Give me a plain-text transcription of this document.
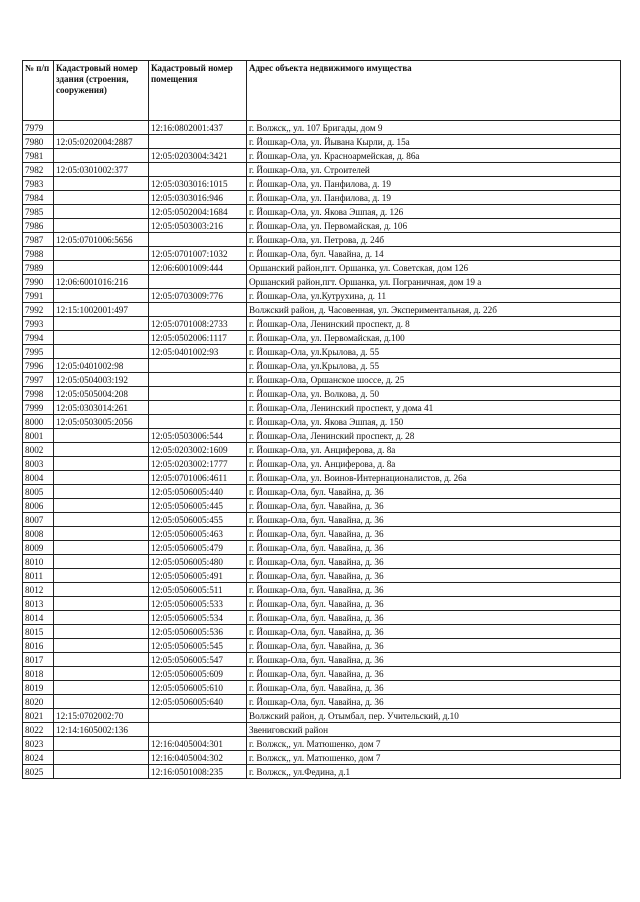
№ п/п	Кадастровый номер здания (строения, сооружения)	Кадастровый номер помещения	Адрес объекта недвижимого имущества
7979		12:16:0802001:437	г. Волжск,, ул. 107 Бригады, дом 9
7980	12:05:0202004:2887		г. Йошкар-Ола, ул. Йывана Кырли, д. 15а
7981		12:05:0203004:3421	г. Йошкар-Ола, ул. Красноармейская, д. 86а
7982	12:05:0301002:377		г. Йошкар-Ола, ул. Строителей
7983		12:05:0303016:1015	г. Йошкар-Ола, ул. Панфилова, д. 19
7984		12:05:0303016:946	г. Йошкар-Ола, ул. Панфилова, д. 19
7985		12:05:0502004:1684	г. Йошкар-Ола, ул. Якова Эшпая, д. 126
7986		12:05:0503003:216	г. Йошкар-Ола, ул. Первомайская, д. 106
7987	12:05:0701006:5656		г. Йошкар-Ола, ул. Петрова, д. 24б
7988		12:05:0701007:1032	г. Йошкар-Ола, бул. Чавайна, д. 14
7989		12:06:6001009:444	Оршанский район,пгт. Оршанка, ул. Советская, дом 126
7990	12:06:6001016:216		Оршанский район,пгт. Оршанка, ул. Пограничная, дом 19 а
7991		12:05:0703009:776	г. Йошкар-Ола, ул.Кутрухина, д. 11
7992	12:15:1002001:497		Волжский район, д. Часовенная, ул. Экспериментальная, д. 22б
7993		12:05:0701008:2733	г. Йошкар-Ола, Ленинский проспект, д. 8
7994		12:05:0502006:1117	г. Йошкар-Ола, ул. Первомайская, д.100
7995		12:05:0401002:93	г. Йошкар-Ола, ул.Крылова, д. 55
7996	12:05:0401002:98		г. Йошкар-Ола, ул.Крылова, д. 55
7997	12:05:0504003:192		г. Йошкар-Ола, Оршанское шоссе, д. 25
7998	12:05:0505004:208		г. Йошкар-Ола, ул. Волкова, д. 50
7999	12:05:0303014:261		г. Йошкар-Ола, Ленинский проспект, у дома 41
8000	12:05:0503005:2056		г. Йошкар-Ола, ул. Якова Эшпая, д. 150
8001		12:05:0503006:544	г. Йошкар-Ола, Ленинский проспект, д. 28
8002		12:05:0203002:1609	г. Йошкар-Ола, ул. Анциферова, д. 8а
8003		12:05:0203002:1777	г. Йошкар-Ола, ул. Анциферова, д. 8а
8004		12:05:0701006:4611	г. Йошкар-Ола, ул. Воинов-Интернационалистов, д. 26а
8005		12:05:0506005:440	г. Йошкар-Ола, бул. Чавайна, д. 36
8006		12:05:0506005:445	г. Йошкар-Ола, бул. Чавайна, д. 36
8007		12:05:0506005:455	г. Йошкар-Ола, бул. Чавайна, д. 36
8008		12:05:0506005:463	г. Йошкар-Ола, бул. Чавайна, д. 36
8009		12:05:0506005:479	г. Йошкар-Ола, бул. Чавайна, д. 36
8010		12:05:0506005:480	г. Йошкар-Ола, бул. Чавайна, д. 36
8011		12:05:0506005:491	г. Йошкар-Ола, бул. Чавайна, д. 36
8012		12:05:0506005:511	г. Йошкар-Ола, бул. Чавайна, д. 36
8013		12:05:0506005:533	г. Йошкар-Ола, бул. Чавайна, д. 36
8014		12:05:0506005:534	г. Йошкар-Ола, бул. Чавайна, д. 36
8015		12:05:0506005:536	г. Йошкар-Ола, бул. Чавайна, д. 36
8016		12:05:0506005:545	г. Йошкар-Ола, бул. Чавайна, д. 36
8017		12:05:0506005:547	г. Йошкар-Ола, бул. Чавайна, д. 36
8018		12:05:0506005:609	г. Йошкар-Ола, бул. Чавайна, д. 36
8019		12:05:0506005:610	г. Йошкар-Ола, бул. Чавайна, д. 36
8020		12:05:0506005:640	г. Йошкар-Ола, бул. Чавайна, д. 36
8021	12:15:0702002:70		Волжский район, д. Отымбал, пер. Учительский, д.10
8022	12:14:1605002:136		Звениговский район
8023		12:16:0405004:301	г. Волжск,, ул. Матюшенко, дом 7
8024		12:16:0405004:302	г. Волжск,, ул. Матюшенко, дом 7
8025		12:16:0501008:235	г. Волжск,, ул.Федина, д.1
